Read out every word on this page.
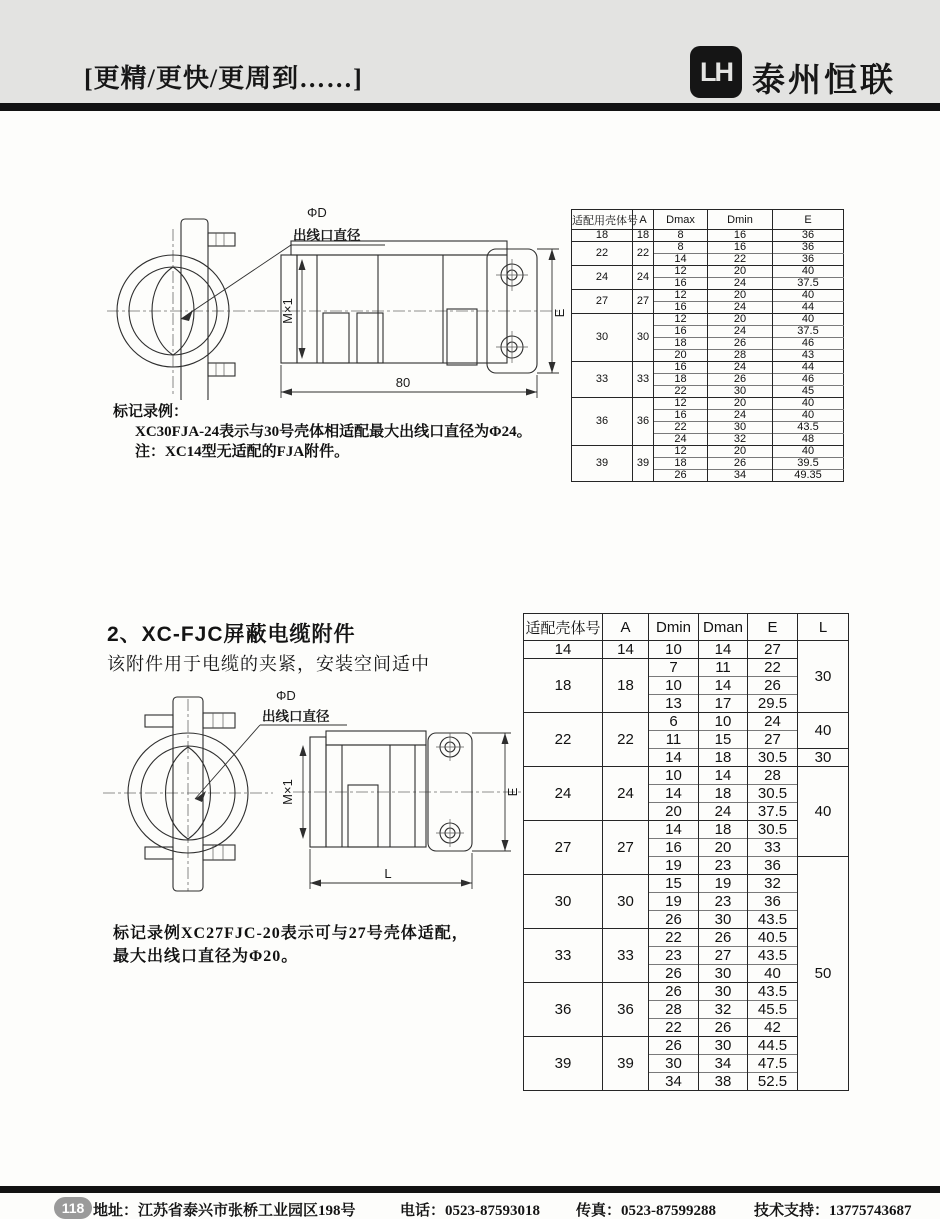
[更精/更快/更周到……]	LH 泰州恒联
ΦD
出线口直径
M×1	E
80
适配用壳体号	A	Dmax	Dmin	E
18	18	8	16	36
22	22	8	16	36
		14	22	36
24	24	12	20	40
		16	24	37.5
27	27	12	20	40
		16	24	44
30	30	12	20	40
		16	24	37.5
		18	26	46
		20	28	43
33	33	16	24	44
		18	26	46
		22	30	45
36	36	12	20	40
		16	24	40
		22	30	43.5
		24	32	48
39	39	12	20	40
		18	26	39.5
		26	34	49.35
标记录例：
XC30FJA-24表示与30号壳体相适配最大出线口直径为Φ24。
注：XC14型无适配的FJA附件。
2、XC-FJC屏蔽电缆附件
该附件用于电缆的夹紧，安装空间适中
ΦD
出线口直径
M×1	E
L
适配壳体号	A	Dmin	Dman	E	L
14	14	10	14	27	30
18	18	7	11	22	
		10	14	26	
		13	17	29.5	
22	22	6	10	24	40
		11	15	27	
		14	18	30.5	30
24	24	10	14	28	40
		14	18	30.5	
		20	24	37.5	
27	27	14	18	30.5	
		16	20	33	
		19	23	36	50
30	30	15	19	32	
		19	23	36	
		26	30	43.5	
33	33	22	26	40.5	
		23	27	43.5	
		26	30	40	
36	36	26	30	43.5	
		28	32	45.5	
		22	26	42	
39	39	26	30	44.5	
		30	34	47.5	
		34	38	52.5	
标记录例XC27FJC-20表示可与27号壳体适配，
最大出线口直径为Φ20。
118 地址：江苏省泰兴市张桥工业园区198号	电话：0523-87593018 传真：0523-87599288	技术支持：13775743687
